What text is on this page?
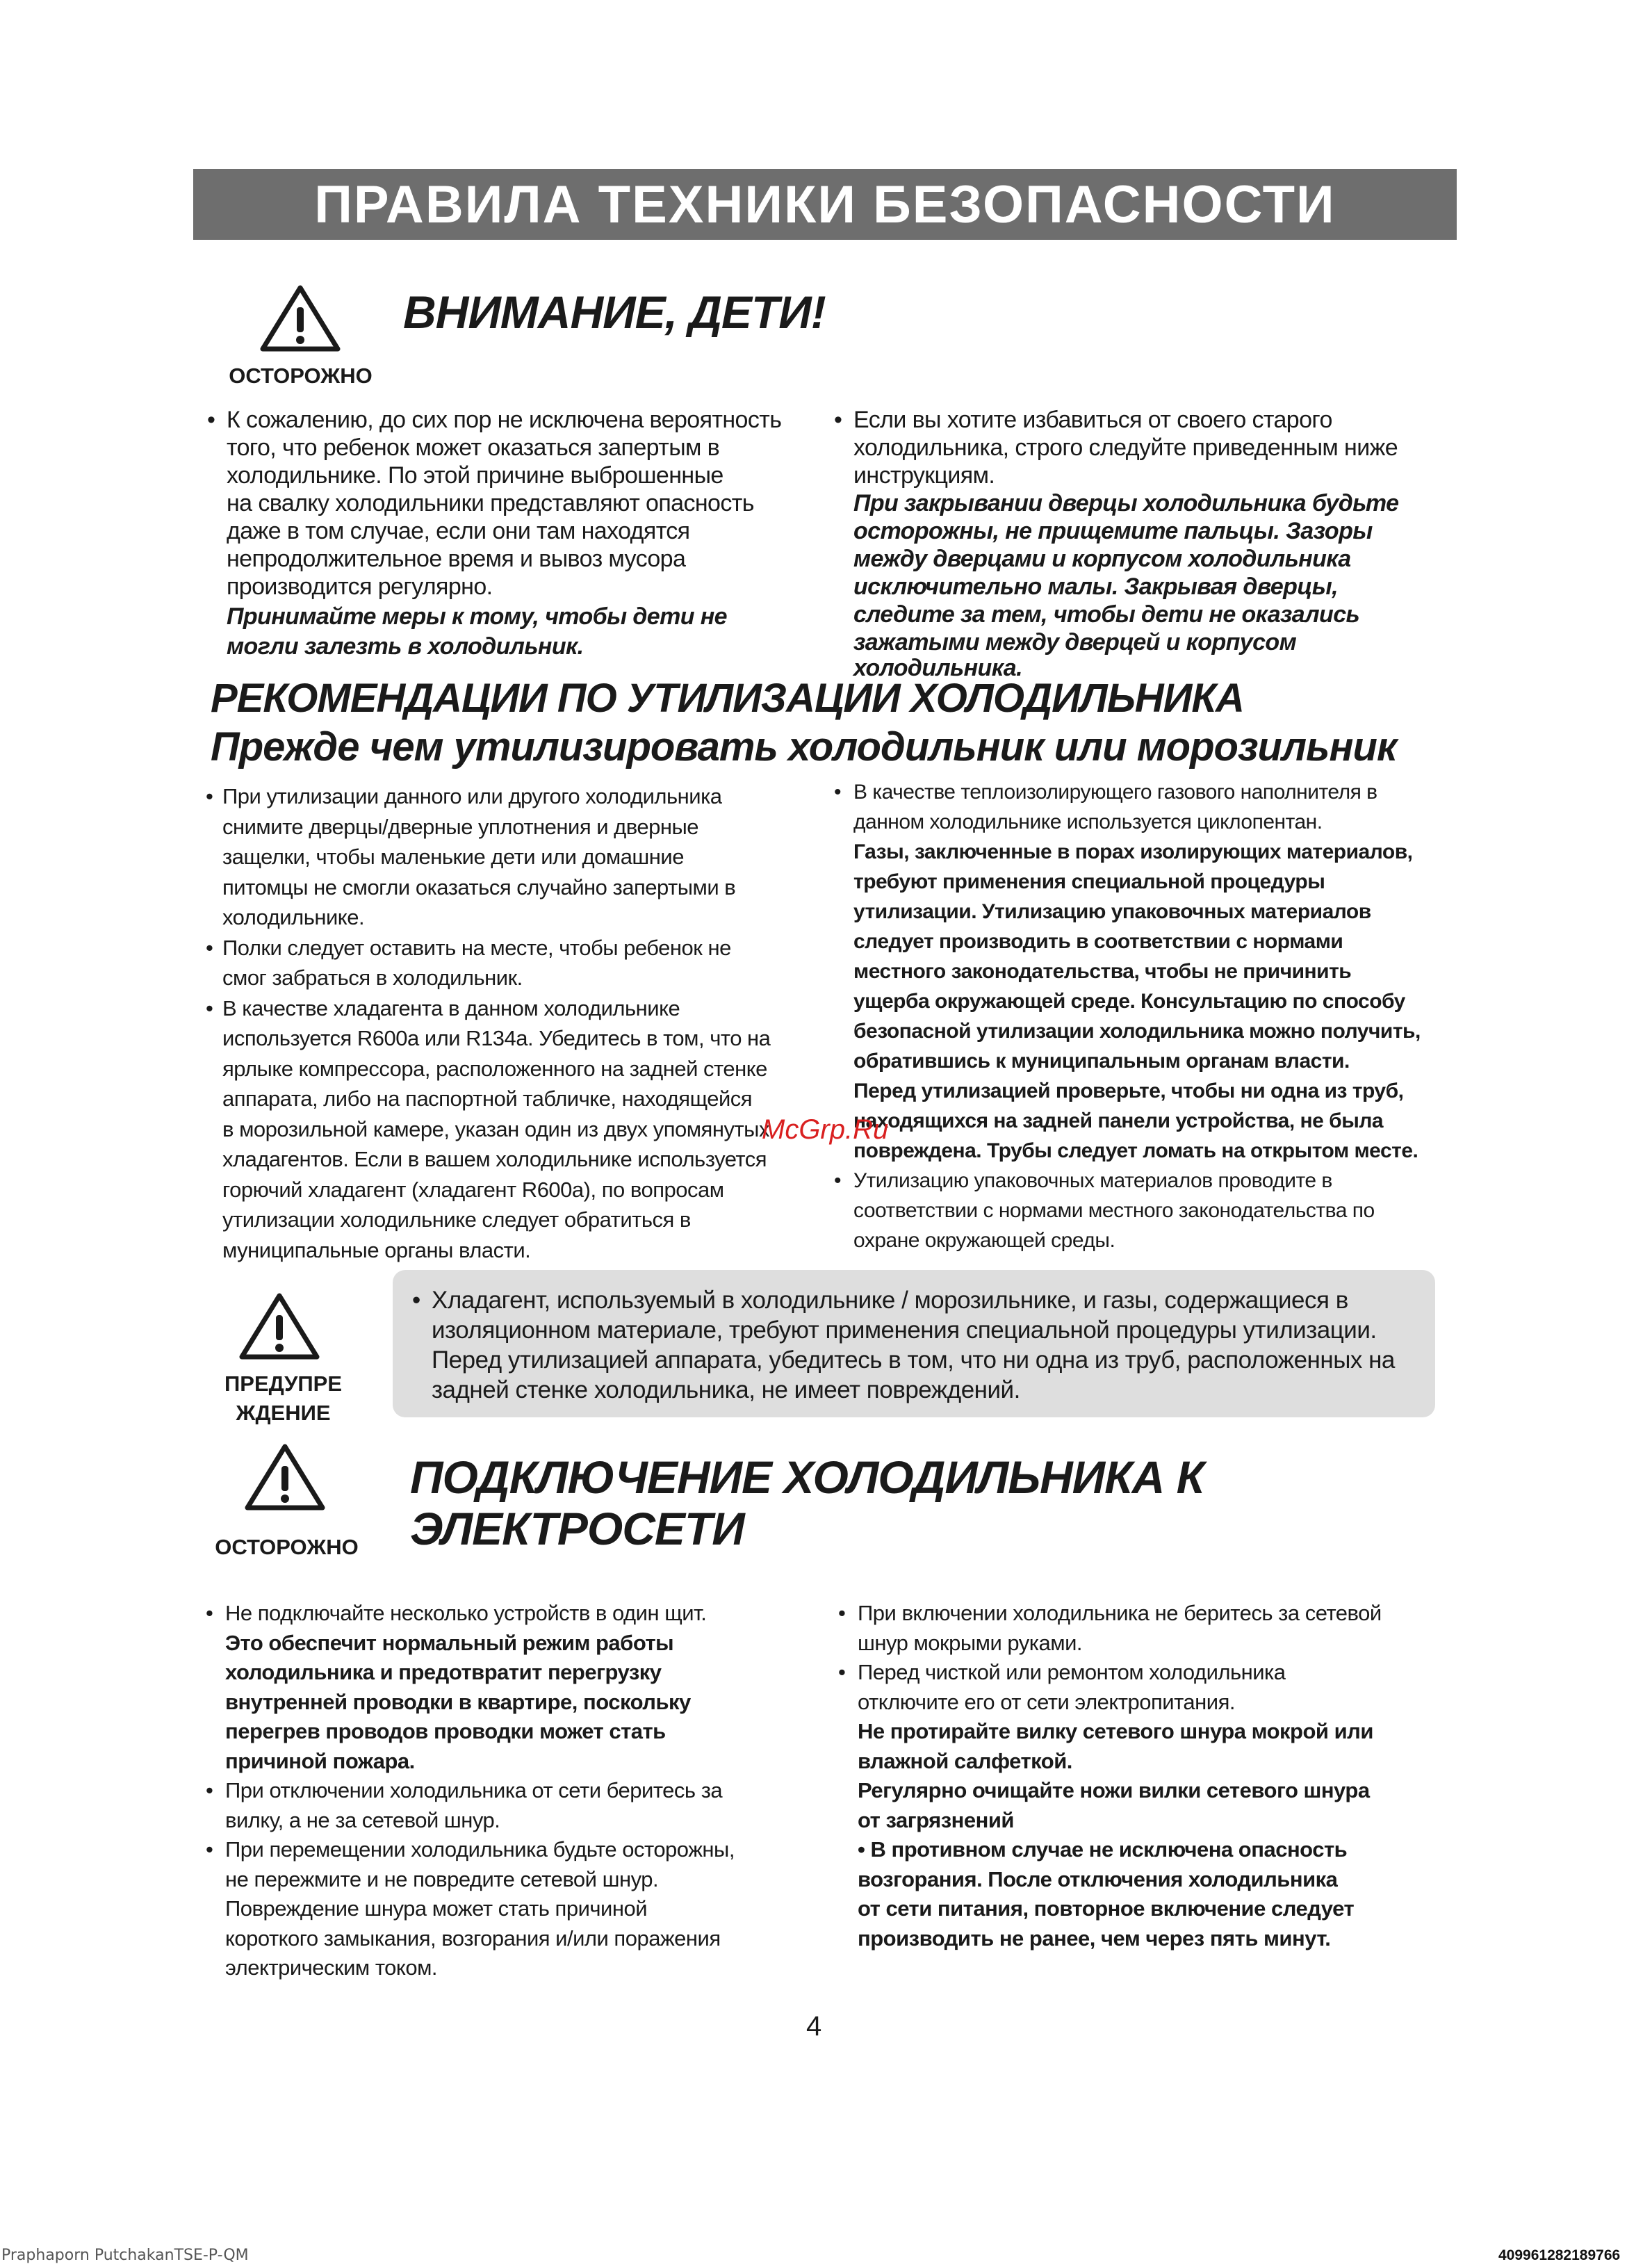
ПРАВИЛА ТЕХНИКИ БЕЗОПАСНОСТИ
ОСТОРОЖНО
ВНИМАНИЕ, ДЕТИ!
• К сожалению, до сих пор не исключена вероятность
того, что ребенок может оказаться запертым в
холодильнике. По этой причине выброшенные
на свалку холодильники представляют опасность
даже в том случае, если они там находятся
непродолжительное время и вывоз мусора
производится регулярно.
Принимайте меры к тому, чтобы дети не
могли залезть в холодильник.
• Если вы хотите избавиться от своего старого
холодильника, строго следуйте приведенным ниже
инструкциям.
При закрывании дверцы холодильника будьте
осторожны, не прищемите пальцы. Зазоры
между дверцами и корпусом холодильника
исключительно малы. Закрывая дверцы,
следите за тем, чтобы дети не оказались
зажатыми между дверцей и корпусом
холодильника.
РЕКОМЕНДАЦИИ ПО УТИЛИЗАЦИИ ХОЛОДИЛЬНИКА
Прежде чем утилизировать холодильник или морозильник
• При утилизации данного или другого холодильника
снимите дверцы/дверные уплотнения и дверные
защелки, чтобы маленькие дети или домашние
питомцы не смогли оказаться случайно запертыми в
холодильнике.
• Полки следует оставить на месте, чтобы ребенок не
смог забраться в холодильник.
• В качестве хладагента в данном холодильнике
используется R600a или R134a. Убедитесь в том, что на
ярлыке компрессора, расположенного на задней стенке
аппарата, либо на паспортной табличке, находящейся
в морозильной камере, указан один из двух упомянутых
хладагентов. Если в вашем холодильнике используется
горючий хладагент (хладагент R600a), по вопросам
утилизации холодильнике следует обратиться в
муниципальные органы власти.
• В качестве теплоизолирующего газового наполнителя в
данном холодильнике используется циклопентан.
Газы, заключенные в порах изолирующих материалов,
требуют применения специальной процедуры
утилизации. Утилизацию упаковочных материалов
следует производить в соответствии с нормами
местного законодательства, чтобы не причинить
ущерба окружающей среде. Консультацию по способу
безопасной утилизации холодильника можно получить,
обратившись к муниципальным органам власти.
Перед утилизацией проверьте, чтобы ни одна из труб,
находящихся на задней панели устройства, не была
повреждена. Трубы следует ломать на открытом месте.
• Утилизацию упаковочных материалов проводите в
соответствии с нормами местного законодательства по
охране окружающей среды.
McGrp.Ru
ПРЕДУПРЕ
ЖДЕНИЕ
• Хладагент, используемый в холодильнике / морозильнике, и газы, содержащиеся в
изоляционном материале, требуют применения специальной процедуры утилизации.
Перед утилизацией аппарата, убедитесь в том, что ни одна из труб, расположенных на
задней стенке холодильника, не имеет повреждений.
ОСТОРОЖНО
ПОДКЛЮЧЕНИЕ ХОЛОДИЛЬНИКА К
ЭЛЕКТРОСЕТИ
• Не подключайте несколько устройств в один щит.
Это обеспечит нормальный режим работы
холодильника и предотвратит перегрузку
внутренней проводки в квартире, поскольку
перегрев проводов проводки может стать
причиной пожара.
• При отключении холодильника от сети беритесь за
вилку, а не за сетевой шнур.
• При перемещении холодильника будьте осторожны,
не пережмите и не повредите сетевой шнур.
Повреждение шнура может стать причиной
короткого замыкания, возгорания и/или поражения
электрическим током.
• При включении холодильника не беритесь за сетевой
шнур мокрыми руками.
• Перед чисткой или ремонтом холодильника
отключите его от сети электропитания.
Не протирайте вилку сетевого шнура мокрой или
влажной салфеткой.
Регулярно очищайте ножи вилки сетевого шнура
от загрязнений
• В противном случае не исключена опасность
возгорания. После отключения холодильника
от сети питания, повторное включение следует
производить не ранее, чем через пять минут.
4
Praphaporn PutchakanTSE-P-QM	409961282189766
